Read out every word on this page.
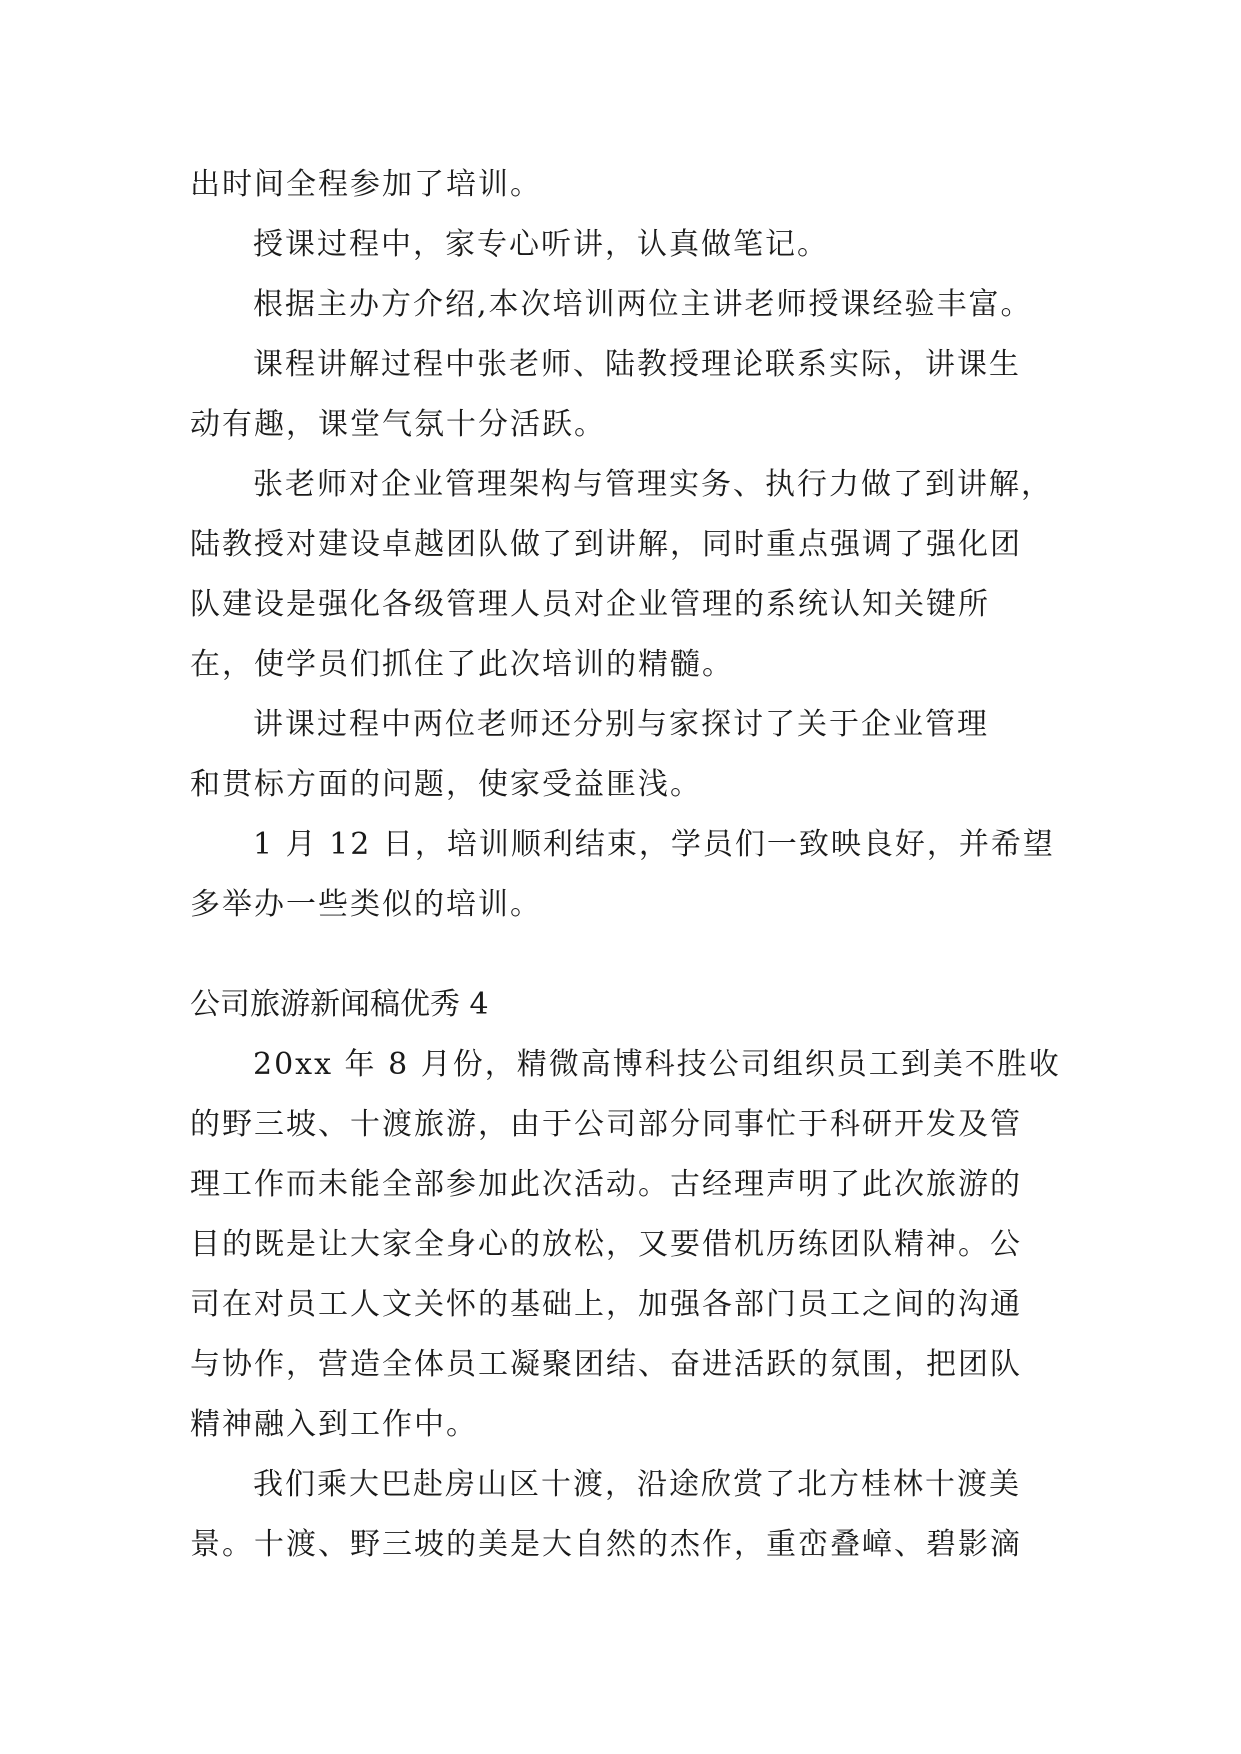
出时间全程参加了培训。
授课过程中，家专心听讲，认真做笔记。
根据主办方介绍,本次培训两位主讲老师授课经验丰富。
课程讲解过程中张老师、陆教授理论联系实际，讲课生
动有趣，课堂气氛十分活跃。
张老师对企业管理架构与管理实务、执行力做了到讲解，
陆教授对建设卓越团队做了到讲解，同时重点强调了强化团
队建设是强化各级管理人员对企业管理的系统认知关键所
在，使学员们抓住了此次培训的精髓。
讲课过程中两位老师还分别与家探讨了关于企业管理
和贯标方面的问题，使家受益匪浅。
1 月 12 日，培训顺利结束，学员们一致映良好，并希望
多举办一些类似的培训。
公司旅游新闻稿优秀 4
20xx 年 8 月份，精微高博科技公司组织员工到美不胜收
的野三坡、十渡旅游，由于公司部分同事忙于科研开发及管
理工作而未能全部参加此次活动。古经理声明了此次旅游的
目的既是让大家全身心的放松，又要借机历练团队精神。公
司在对员工人文关怀的基础上，加强各部门员工之间的沟通
与协作，营造全体员工凝聚团结、奋进活跃的氛围，把团队
精神融入到工作中。
我们乘大巴赴房山区十渡，沿途欣赏了北方桂林十渡美
景。十渡、野三坡的美是大自然的杰作，重峦叠嶂、碧影滴
